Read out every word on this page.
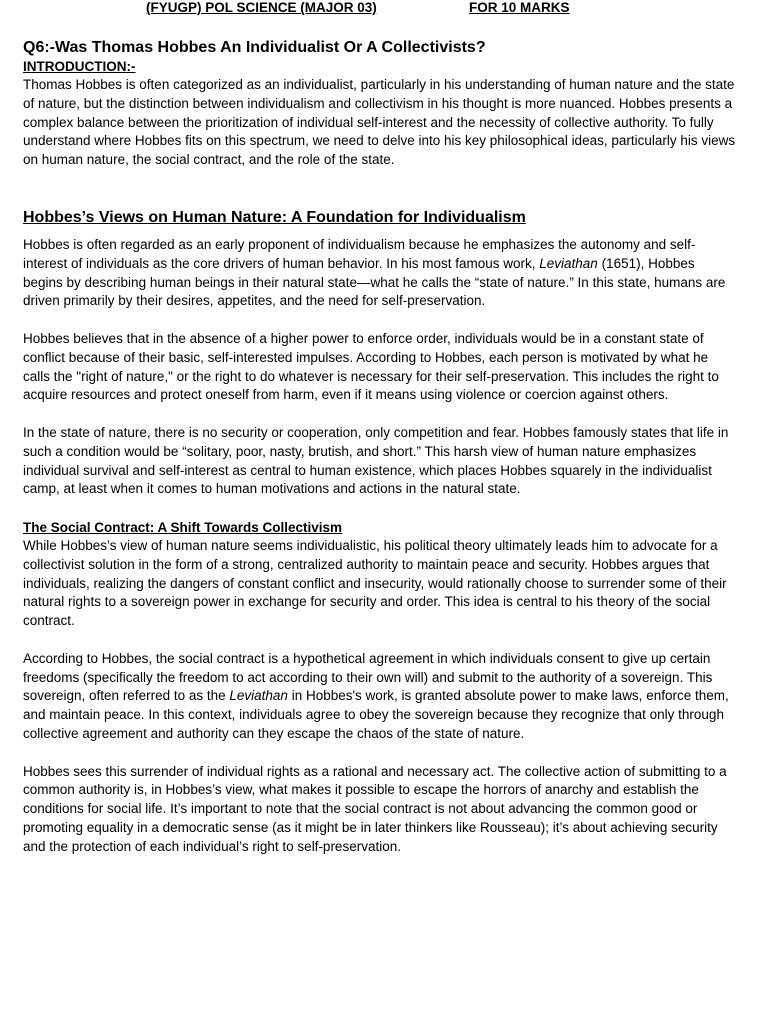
(FYUGP) POL SCIENCE (MAJOR 03)	FOR 10 MARKS
Q6:-Was Thomas Hobbes An Individualist Or A Collectivists?
INTRODUCTION:-

Thomas Hobbes is often categorized as an individualist, particularly in his understanding of human nature and the state of nature, but the distinction between individualism and collectivism in his thought is more nuanced. Hobbes presents a complex balance between the prioritization of individual self-interest and the necessity of collective authority. To fully understand where Hobbes fits on this spectrum, we need to delve into his key philosophical ideas, particularly his views on human nature, the social contract, and the role of the state.

Hobbes’s Views on Human Nature: A Foundation for Individualism

Hobbes is often regarded as an early proponent of individualism because he emphasizes the autonomy and self-interest of individuals as the core drivers of human behavior. In his most famous work, Leviathan (1651), Hobbes begins by describing human beings in their natural state—what he calls the “state of nature.” In this state, humans are driven primarily by their desires, appetites, and the need for self-preservation.

Hobbes believes that in the absence of a higher power to enforce order, individuals would be in a constant state of conflict because of their basic, self-interested impulses. According to Hobbes, each person is motivated by what he calls the "right of nature," or the right to do whatever is necessary for their self-preservation. This includes the right to acquire resources and protect oneself from harm, even if it means using violence or coercion against others.

In the state of nature, there is no security or cooperation, only competition and fear. Hobbes famously states that life in such a condition would be “solitary, poor, nasty, brutish, and short.” This harsh view of human nature emphasizes individual survival and self-interest as central to human existence, which places Hobbes squarely in the individualist camp, at least when it comes to human motivations and actions in the natural state.

The Social Contract: A Shift Towards Collectivism

While Hobbes’s view of human nature seems individualistic, his political theory ultimately leads him to advocate for a collectivist solution in the form of a strong, centralized authority to maintain peace and security. Hobbes argues that individuals, realizing the dangers of constant conflict and insecurity, would rationally choose to surrender some of their natural rights to a sovereign power in exchange for security and order. This idea is central to his theory of the social contract.

According to Hobbes, the social contract is a hypothetical agreement in which individuals consent to give up certain freedoms (specifically the freedom to act according to their own will) and submit to the authority of a sovereign. This sovereign, often referred to as the Leviathan in Hobbes's work, is granted absolute power to make laws, enforce them, and maintain peace. In this context, individuals agree to obey the sovereign because they recognize that only through collective agreement and authority can they escape the chaos of the state of nature.

Hobbes sees this surrender of individual rights as a rational and necessary act. The collective action of submitting to a common authority is, in Hobbes’s view, what makes it possible to escape the horrors of anarchy and establish the conditions for social life. It’s important to note that the social contract is not about advancing the common good or promoting equality in a democratic sense (as it might be in later thinkers like Rousseau); it’s about achieving security and the protection of each individual’s right to self-preservation.
